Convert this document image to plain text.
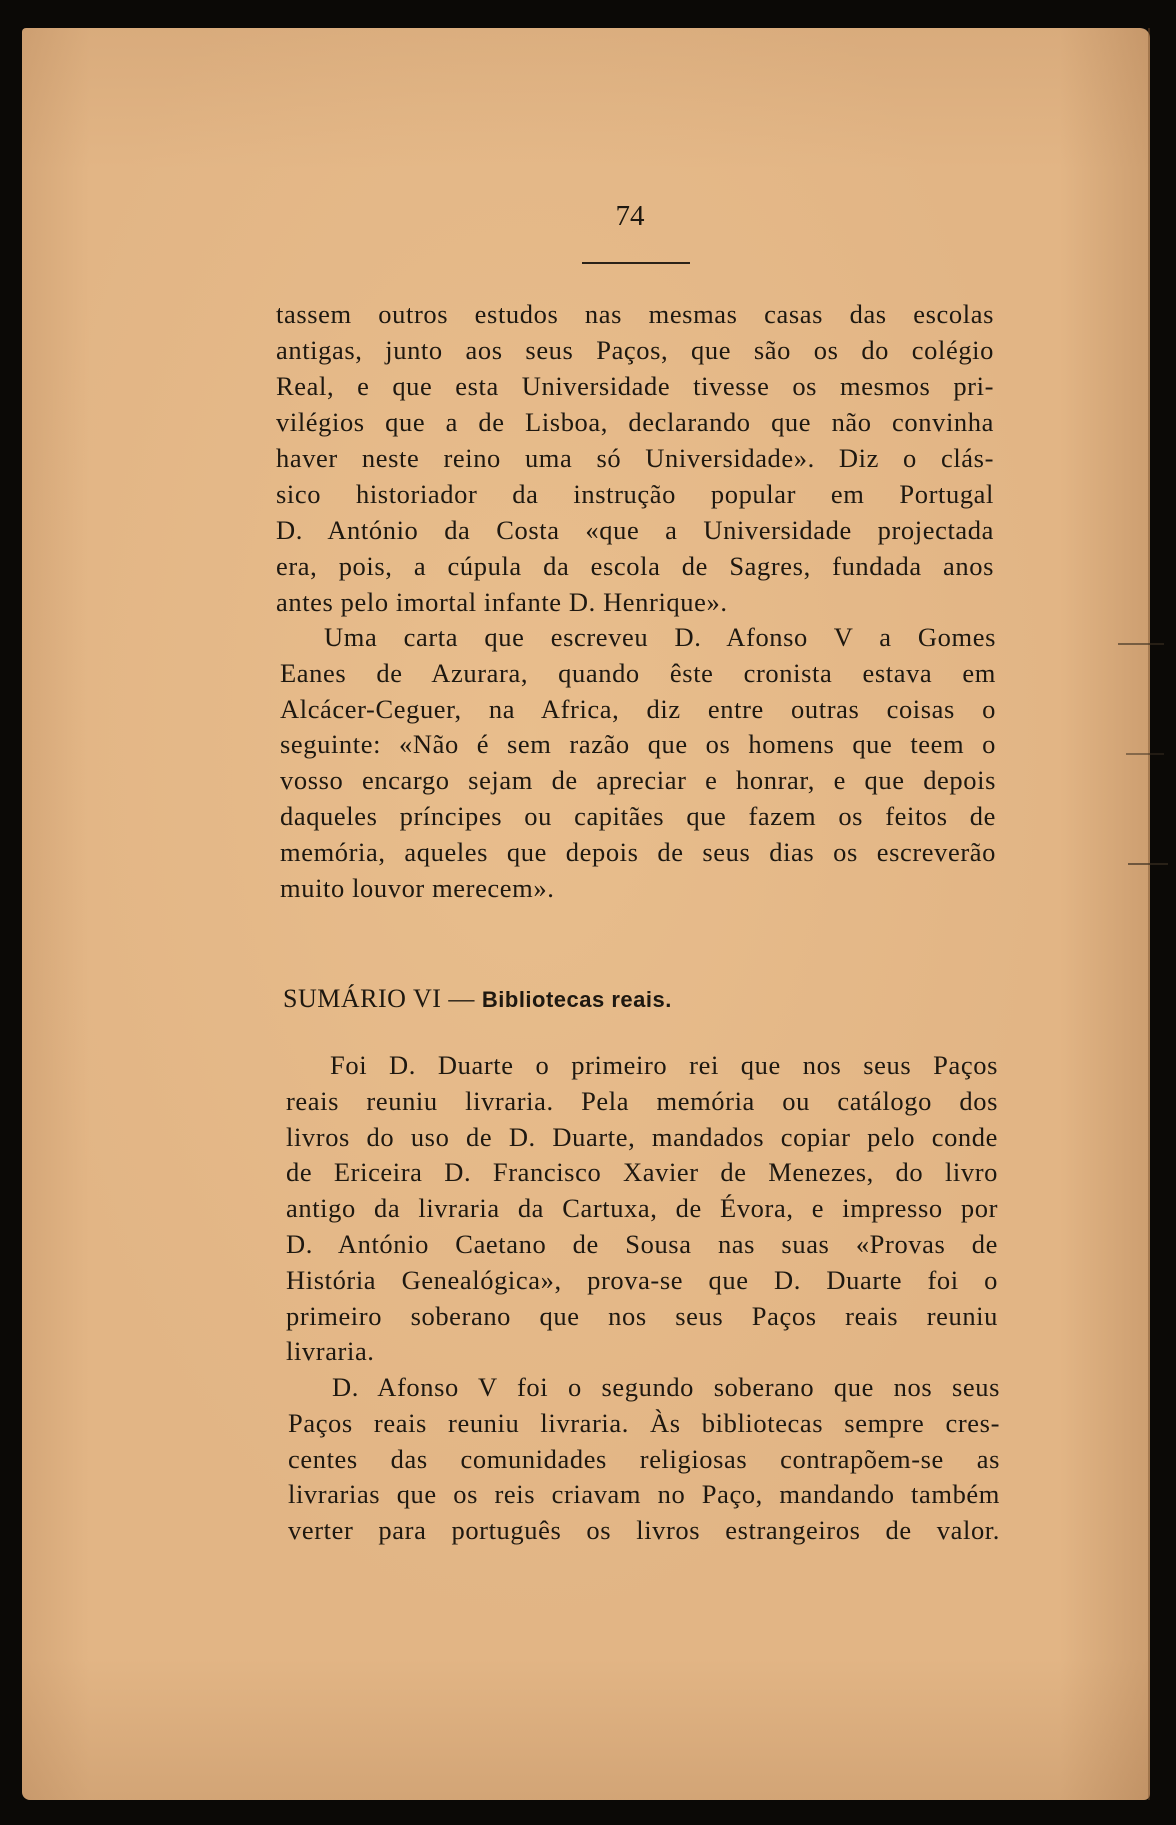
74
tassem outros estudos nas mesmas casas das escolas
antigas, junto aos seus Paços, que são os do colégio
Real, e que esta Universidade tivesse os mesmos pri-
vilégios que a de Lisboa, declarando que não convinha
haver neste reino uma só Universidade». Diz o clás-
sico historiador da instrução popular em Portugal
D. António da Costa «que a Universidade projectada
era, pois, a cúpula da escola de Sagres, fundada anos
antes pelo imortal infante D. Henrique».
Uma carta que escreveu D. Afonso V a Gomes
Eanes de Azurara, quando êste cronista estava em
Alcácer-Ceguer, na Africa, diz entre outras coisas o
seguinte: «Não é sem razão que os homens que teem o
vosso encargo sejam de apreciar e honrar, e que depois
daqueles príncipes ou capitães que fazem os feitos de
memória, aqueles que depois de seus dias os escreverão
muito louvor merecem».
SUMÁRIO VI — Bibliotecas reais.
Foi D. Duarte o primeiro rei que nos seus Paços
reais reuniu livraria. Pela memória ou catálogo dos
livros do uso de D. Duarte, mandados copiar pelo conde
de Ericeira D. Francisco Xavier de Menezes, do livro
antigo da livraria da Cartuxa, de Évora, e impresso por
D. António Caetano de Sousa nas suas «Provas de
História Genealógica», prova-se que D. Duarte foi o
primeiro soberano que nos seus Paços reais reuniu
livraria.
D. Afonso V foi o segundo soberano que nos seus
Paços reais reuniu livraria. Às bibliotecas sempre cres-
centes das comunidades religiosas contrapõem-se as
livrarias que os reis criavam no Paço, mandando também
verter para português os livros estrangeiros de valor.
